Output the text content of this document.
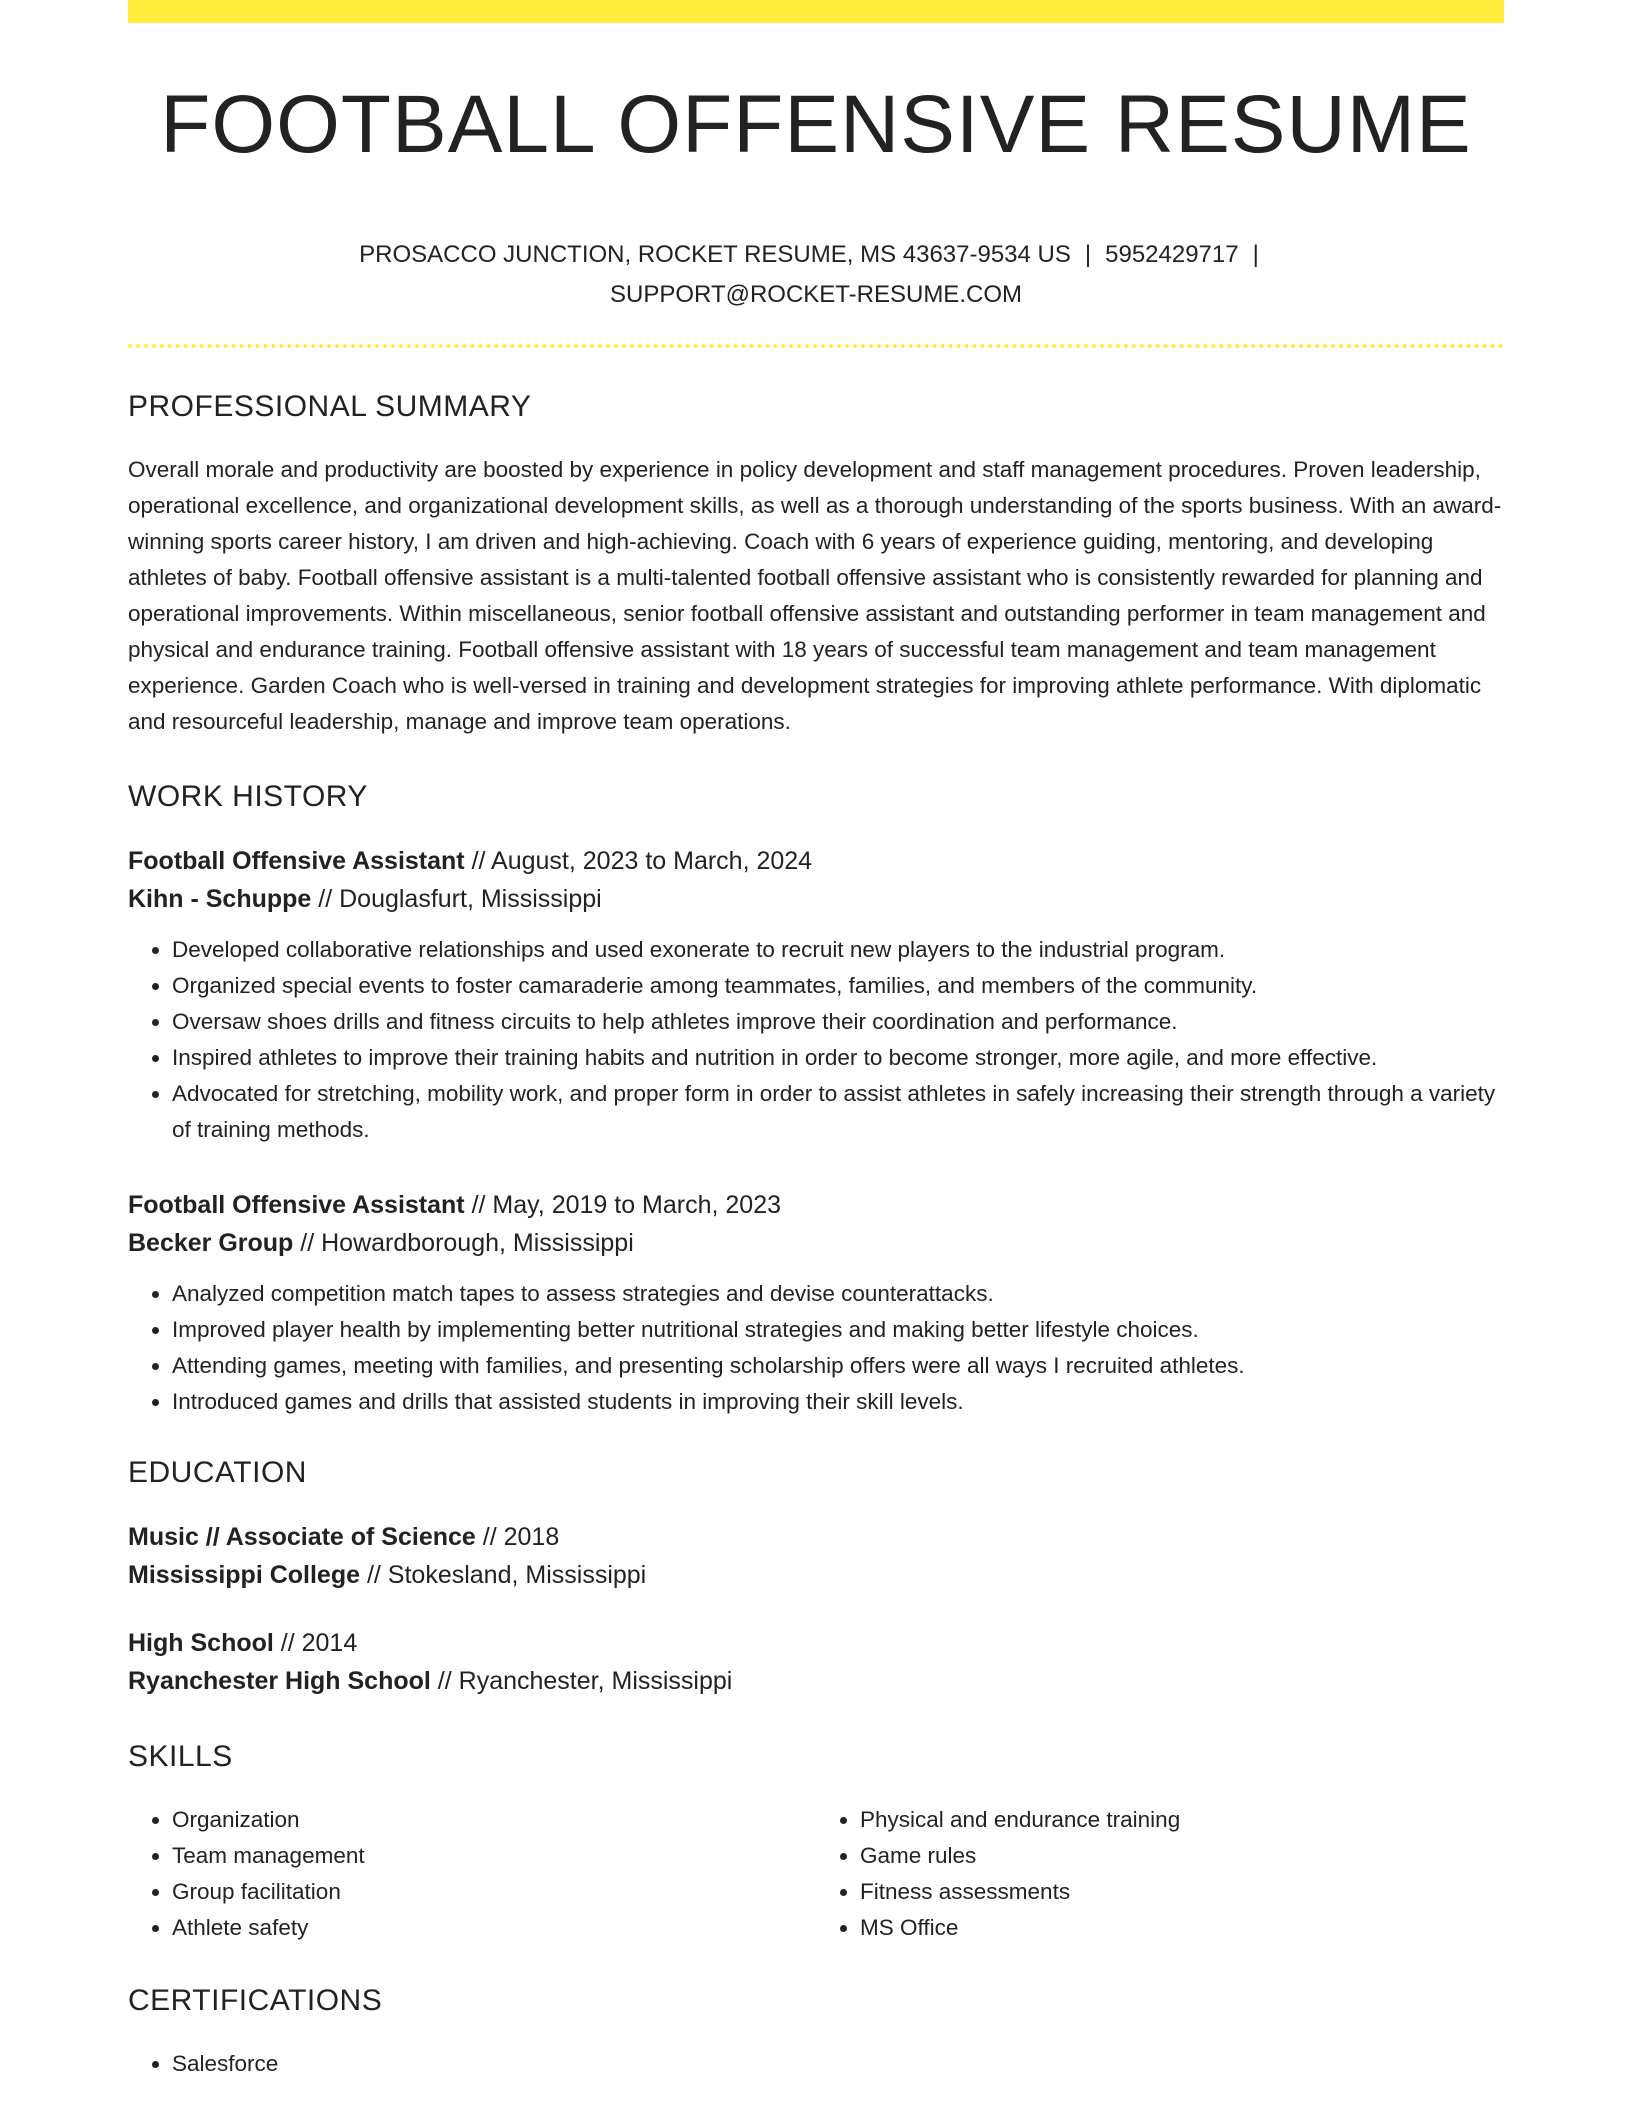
FOOTBALL OFFENSIVE RESUME
PROSACCO JUNCTION, ROCKET RESUME, MS 43637-9534 US | 5952429717 |
SUPPORT@ROCKET-RESUME.COM
PROFESSIONAL SUMMARY

Overall morale and productivity are boosted by experience in policy development and staff management procedures. Proven leadership, operational excellence, and organizational development skills, as well as a thorough understanding of the sports business. With an award-winning sports career history, I am driven and high-achieving. Coach with 6 years of experience guiding, mentoring, and developing athletes of baby. Football offensive assistant is a multi-talented football offensive assistant who is consistently rewarded for planning and operational improvements. Within miscellaneous, senior football offensive assistant and outstanding performer in team management and physical and endurance training. Football offensive assistant with 18 years of successful team management and team management experience. Garden Coach who is well-versed in training and development strategies for improving athlete performance. With diplomatic and resourceful leadership, manage and improve team operations.

WORK HISTORY
Football Offensive Assistant // August, 2023 to March, 2024
Kihn - Schuppe // Douglasfurt, Mississippi
• Developed collaborative relationships and used exonerate to recruit new players to the industrial program.
• Organized special events to foster camaraderie among teammates, families, and members of the community.
• Oversaw shoes drills and fitness circuits to help athletes improve their coordination and performance.
• Inspired athletes to improve their training habits and nutrition in order to become stronger, more agile, and more effective.
• Advocated for stretching, mobility work, and proper form in order to assist athletes in safely increasing their strength through a variety of training methods.
Football Offensive Assistant // May, 2019 to March, 2023
Becker Group // Howardborough, Mississippi
• Analyzed competition match tapes to assess strategies and devise counterattacks.
• Improved player health by implementing better nutritional strategies and making better lifestyle choices.
• Attending games, meeting with families, and presenting scholarship offers were all ways I recruited athletes.
• Introduced games and drills that assisted students in improving their skill levels.
EDUCATION
Music // Associate of Science // 2018
Mississippi College // Stokesland, Mississippi
High School // 2014
Ryanchester High School // Ryanchester, Mississippi
SKILLS
• Organization
• Team management
• Group facilitation
• Athlete safety
• Physical and endurance training
• Game rules
• Fitness assessments
• MS Office
CERTIFICATIONS
• Salesforce
